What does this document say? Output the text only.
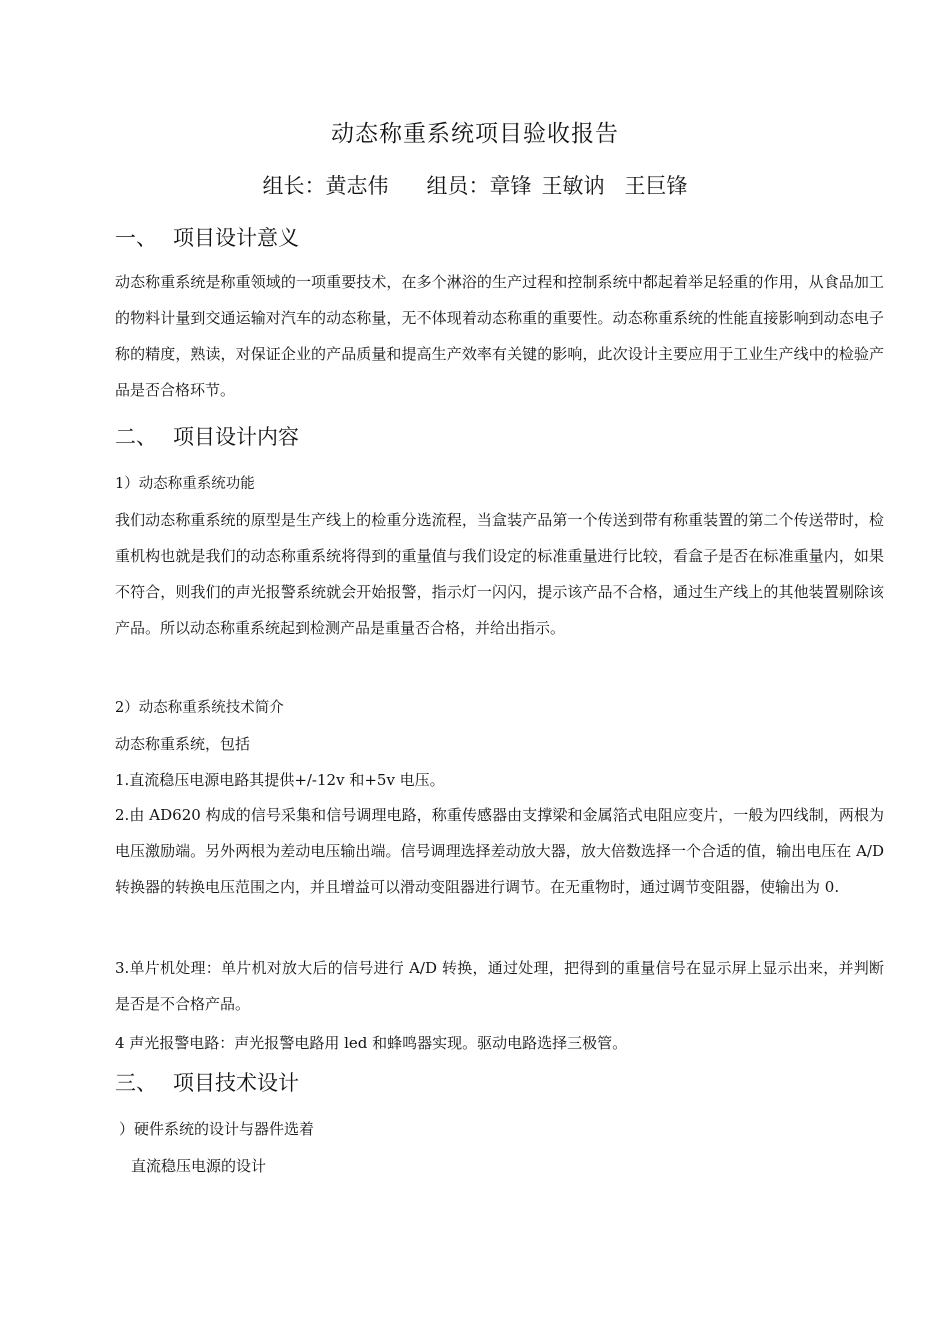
动态称重系统项目验收报告
组长：黄志伟 组员：章锋 王敏讷 王巨锋
一、 项目设计意义
动态称重系统是称重领域的一项重要技术，在多个淋浴的生产过程和控制系统中都起着举足轻重的作用，从食品加工的物料计量到交通运输对汽车的动态称量，无不体现着动态称重的重要性。动态称重系统的性能直接影响到动态电子称的精度，熟读，对保证企业的产品质量和提高生产效率有关键的影响，此次设计主要应用于工业生产线中的检验产品是否合格环节。
二、 项目设计内容
1）动态称重系统功能
我们动态称重系统的原型是生产线上的检重分选流程，当盒装产品第一个传送到带有称重装置的第二个传送带时，检重机构也就是我们的动态称重系统将得到的重量值与我们设定的标准重量进行比较，看盒子是否在标准重量内，如果不符合，则我们的声光报警系统就会开始报警，指示灯一闪闪，提示该产品不合格，通过生产线上的其他装置剔除该产品。所以动态称重系统起到检测产品是重量否合格，并给出指示。
2）动态称重系统技术简介
动态称重系统，包括
1.直流稳压电源电路其提供+/-12v 和+5v 电压。
2.由 AD620 构成的信号采集和信号调理电路，称重传感器由支撑梁和金属箔式电阻应变片，一般为四线制，两根为电压激励端。另外两根为差动电压输出端。信号调理选择差动放大器，放大倍数选择一个合适的值，输出电压在 A/D 转换器的转换电压范围之内，并且增益可以滑动变阻器进行调节。在无重物时，通过调节变阻器，使输出为 0.
3.单片机处理：单片机对放大后的信号进行 A/D 转换，通过处理，把得到的重量信号在显示屏上显示出来，并判断是否是不合格产品。
4 声光报警电路：声光报警电路用 led 和蜂鸣器实现。驱动电路选择三极管。
三、 项目技术设计
）硬件系统的设计与器件选着
直流稳压电源的设计
